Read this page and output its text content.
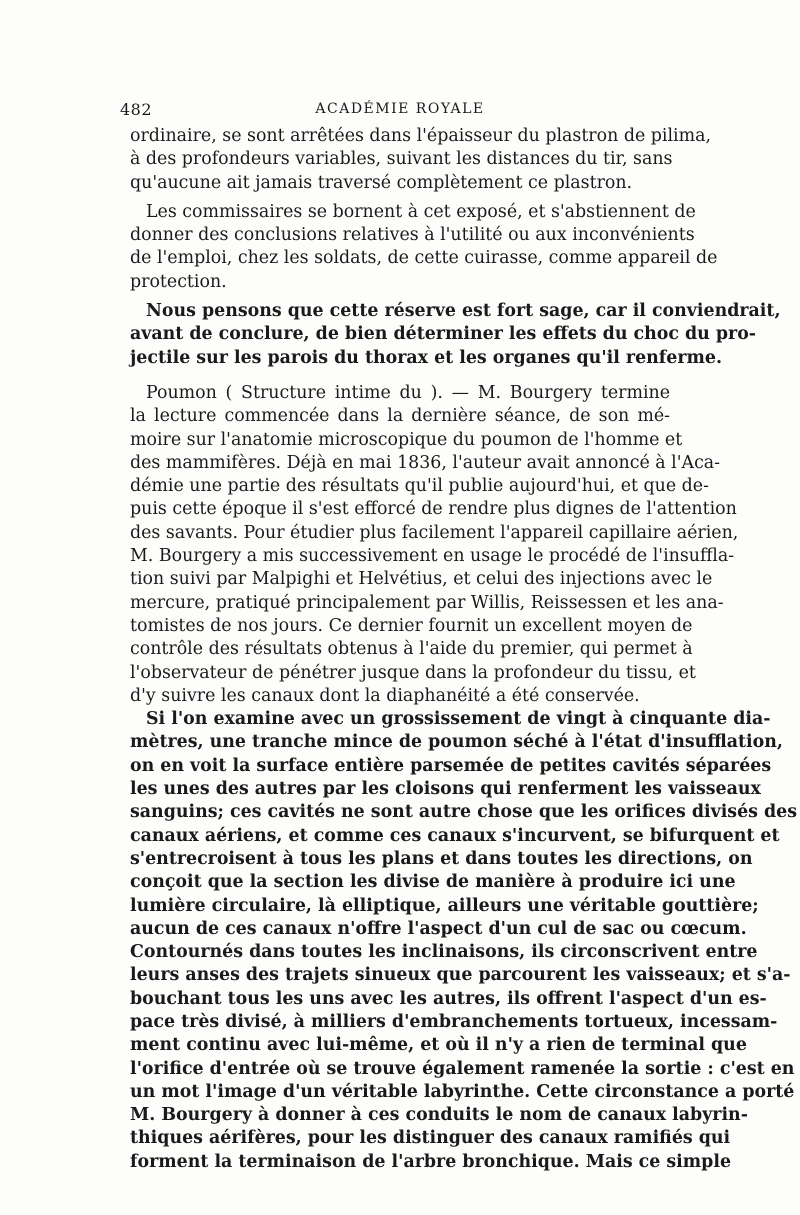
482	ACADÉMIE ROYALE
ordinaire, se sont arrêtées dans l'épaisseur du plastron de pilima,
à des profondeurs variables, suivant les distances du tir, sans
qu'aucune ait jamais traversé complètement ce plastron.
Les commissaires se bornent à cet exposé, et s'abstiennent de
donner des conclusions relatives à l'utilité ou aux inconvénients
de l'emploi, chez les soldats, de cette cuirasse, comme appareil de
protection.
Nous pensons que cette réserve est fort sage, car il conviendrait,
avant de conclure, de bien déterminer les effets du choc du pro-
jectile sur les parois du thorax et les organes qu'il renferme.
Poumon ( Structure intime du ). — M. Bourgery termine
la lecture commencée dans la dernière séance, de son mé-
moire sur l'anatomie microscopique du poumon de l'homme et
des mammifères. Déjà en mai 1836, l'auteur avait annoncé à l'Aca-
démie une partie des résultats qu'il publie aujourd'hui, et que de-
puis cette époque il s'est efforcé de rendre plus dignes de l'attention
des savants. Pour étudier plus facilement l'appareil capillaire aérien,
M. Bourgery a mis successivement en usage le procédé de l'insuffla-
tion suivi par Malpighi et Helvétius, et celui des injections avec le
mercure, pratiqué principalement par Willis, Reissessen et les ana-
tomistes de nos jours. Ce dernier fournit un excellent moyen de
contrôle des résultats obtenus à l'aide du premier, qui permet à
l'observateur de pénétrer jusque dans la profondeur du tissu, et
d'y suivre les canaux dont la diaphanéité a été conservée.
Si l'on examine avec un grossissement de vingt à cinquante dia-
mètres, une tranche mince de poumon séché à l'état d'insufflation,
on en voit la surface entière parsemée de petites cavités séparées
les unes des autres par les cloisons qui renferment les vaisseaux
sanguins; ces cavités ne sont autre chose que les orifices divisés des
canaux aériens, et comme ces canaux s'incurvent, se bifurquent et
s'entrecroisent à tous les plans et dans toutes les directions, on
conçoit que la section les divise de manière à produire ici une
lumière circulaire, là elliptique, ailleurs une véritable gouttière;
aucun de ces canaux n'offre l'aspect d'un cul de sac ou cœcum.
Contournés dans toutes les inclinaisons, ils circonscrivent entre
leurs anses des trajets sinueux que parcourent les vaisseaux; et s'a-
bouchant tous les uns avec les autres, ils offrent l'aspect d'un es-
pace très divisé, à milliers d'embranchements tortueux, incessam-
ment continu avec lui-même, et où il n'y a rien de terminal que
l'orifice d'entrée où se trouve également ramenée la sortie : c'est en
un mot l'image d'un véritable labyrinthe. Cette circonstance a porté
M. Bourgery à donner à ces conduits le nom de canaux labyrin-
thiques aérifères, pour les distinguer des canaux ramifiés qui
forment la terminaison de l'arbre bronchique. Mais ce simple
